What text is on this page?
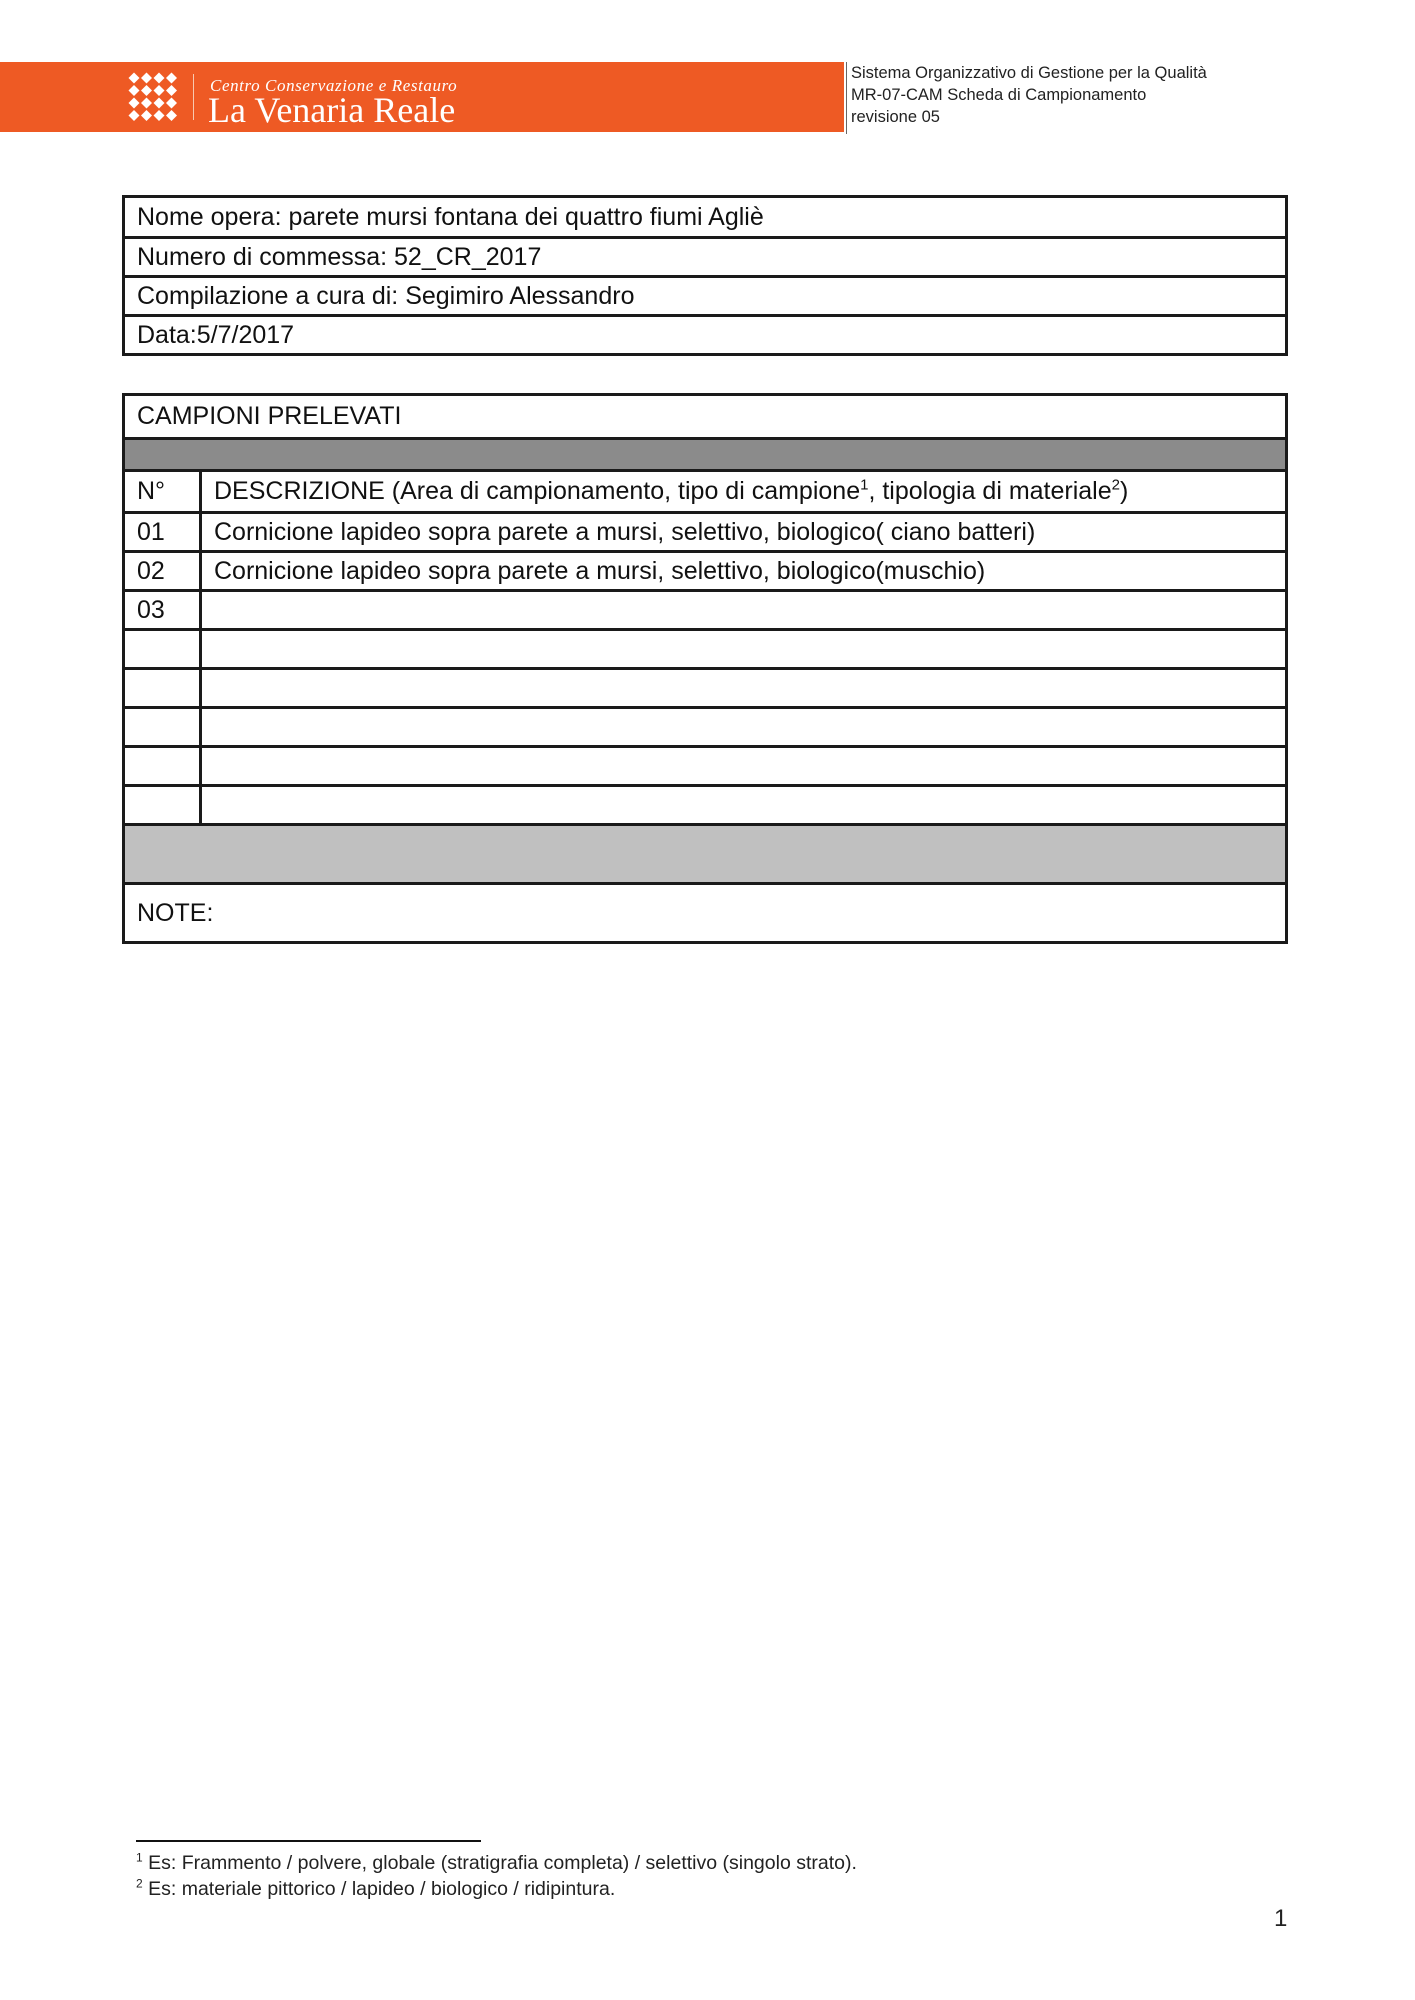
Centro Conservazione e Restauro
La Venaria Reale
Sistema Organizzativo di Gestione per la Qualità
MR-07-CAM Scheda di Campionamento
revisione 05
Nome opera: parete mursi fontana dei quattro fiumi Agliè
Numero di commessa: 52_CR_2017
Compilazione a cura di: Segimiro Alessandro
Data:5/7/2017
CAMPIONI PRELEVATI	

N°	DESCRIZIONE (Area di campionamento, tipo di campione$^1$, tipologia di materiale$^2$)
01	Cornicione lapideo sopra parete a mursi, selettivo, biologico( ciano batteri)
02	Cornicione lapideo sopra parete a mursi, selettivo, biologico(muschio)
03	

NOTE:	
$^1$ Es: Frammento / polvere, globale (stratigrafia completa) / selettivo (singolo strato).
$^2$ Es: materiale pittorico / lapideo / biologico / ridipintura.
1
